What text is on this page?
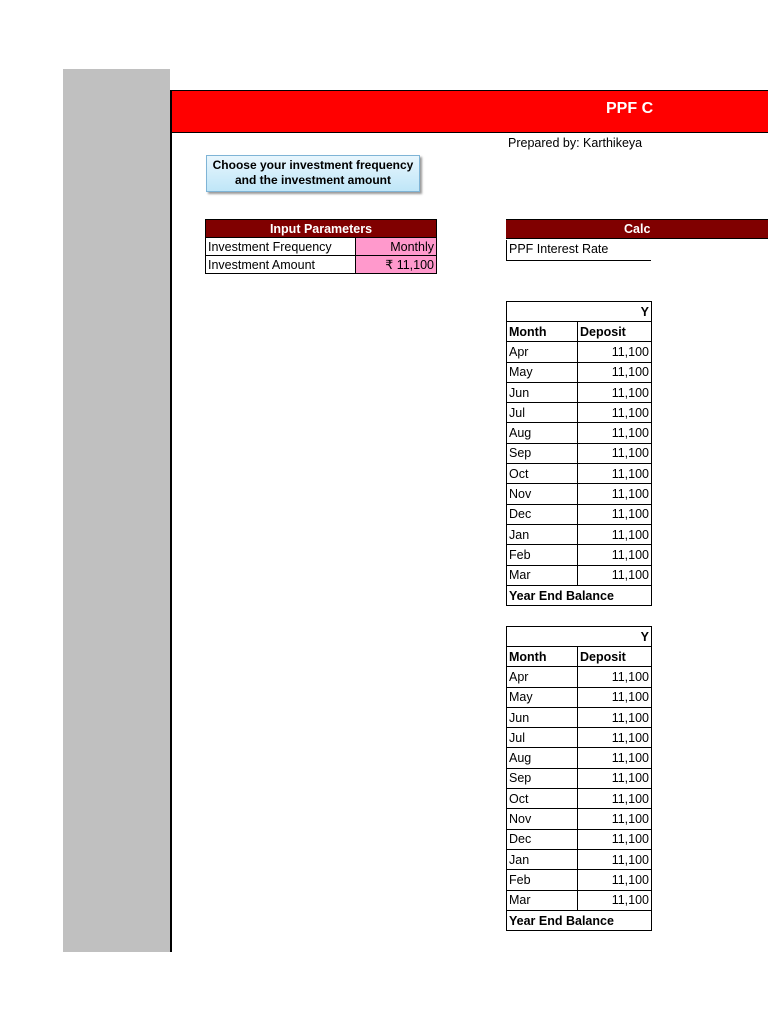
PPF C
Prepared by: Karthikeya
Choose your investment frequency
and the investment amount
Input Parameters	
Investment Frequency	Monthly
Investment Amount	₹ 11,100
Calc
PPF Interest Rate
Y	
Month	Deposit
Apr	11,100
May	11,100
Jun	11,100
Jul	11,100
Aug	11,100
Sep	11,100
Oct	11,100
Nov	11,100
Dec	11,100
Jan	11,100
Feb	11,100
Mar	11,100
Year End Balance	
Y	
Month	Deposit
Apr	11,100
May	11,100
Jun	11,100
Jul	11,100
Aug	11,100
Sep	11,100
Oct	11,100
Nov	11,100
Dec	11,100
Jan	11,100
Feb	11,100
Mar	11,100
Year End Balance	
